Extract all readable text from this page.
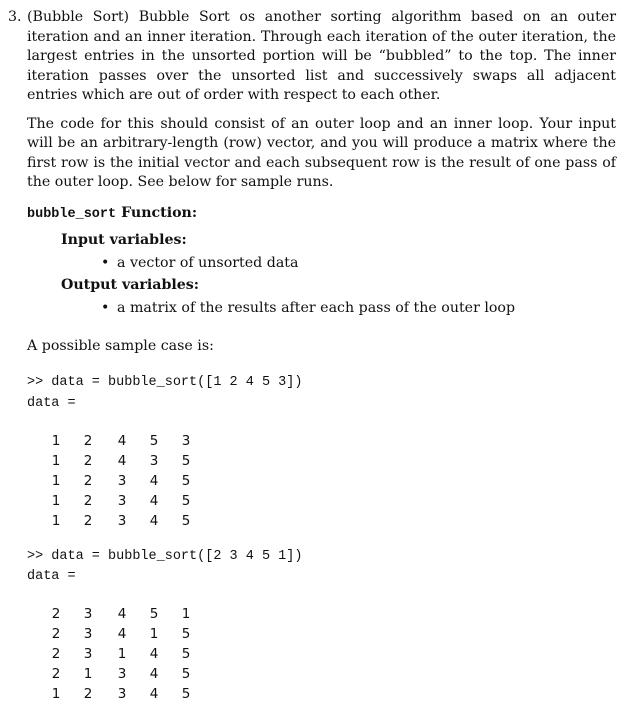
3. (Bubble Sort) Bubble Sort os another sorting algorithm based on an outer iteration and an inner iteration. Through each iteration of the outer iteration, the largest entries in the unsorted portion will be “bubbled” to the top. The inner iteration passes over the unsorted list and successively swaps all adjacent entries which are out of order with respect to each other.
The code for this should consist of an outer loop and an inner loop. Your input will be an arbitrary-length (row) vector, and you will produce a matrix where the first row is the initial vector and each subsequent row is the result of one pass of the outer loop. See below for sample runs.
bubble_sort Function:
Input variables:
• a vector of unsorted data
Output variables:
• a matrix of the results after each pass of the outer loop
A possible sample case is:
>> data = bubble_sort([1 2 4 5 3])
data =
1 2 4 5 3
1 2 4 3 5
1 2 3 4 5
1 2 3 4 5
1 2 3 4 5
>> data = bubble_sort([2 3 4 5 1])
data =
2 3 4 5 1
2 3 4 1 5
2 3 1 4 5
2 1 3 4 5
1 2 3 4 5
